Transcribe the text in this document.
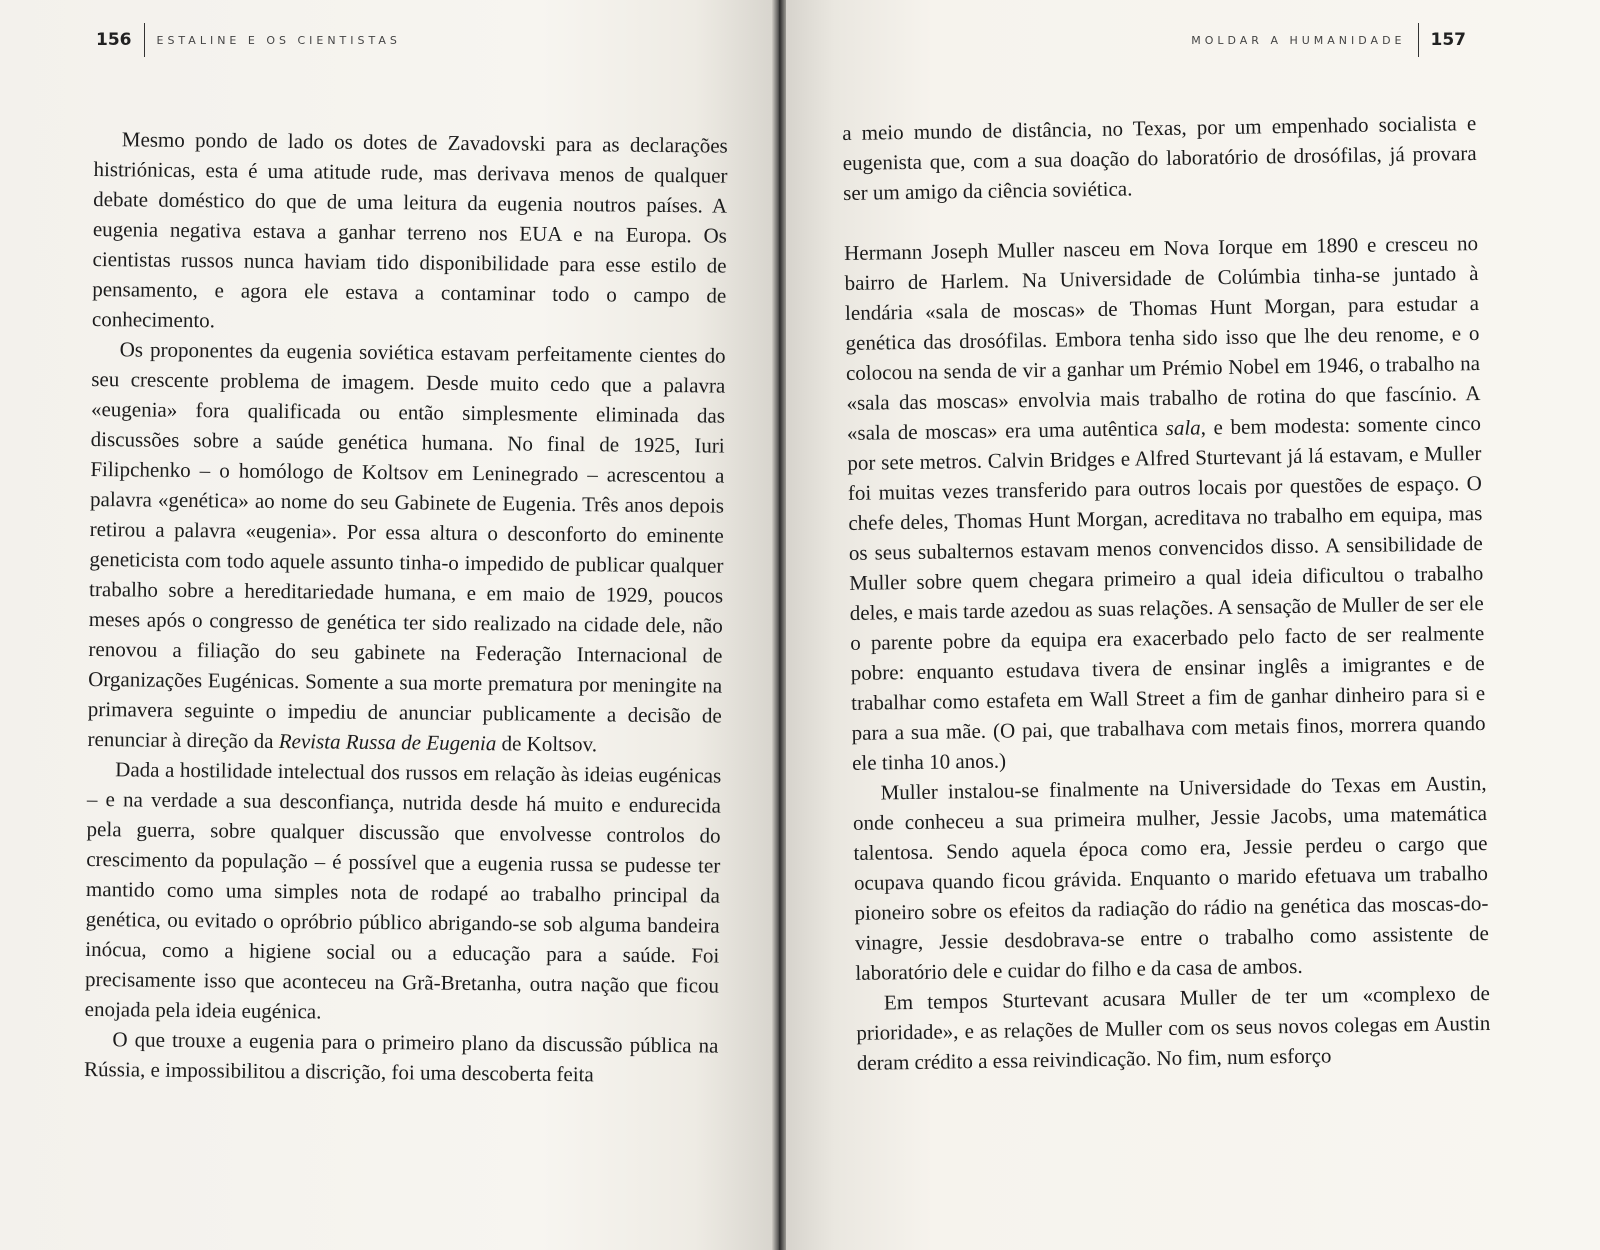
156 ESTALINE E OS CIENTISTAS

Mesmo pondo de lado os dotes de Zavadovski para as declarações histriónicas, esta é uma atitude rude, mas derivava menos de qualquer debate doméstico do que de uma leitura da eugenia noutros países. A eugenia negativa estava a ganhar terreno nos EUA e na Europa. Os cientistas russos nunca haviam tido disponibilidade para esse estilo de pensamento, e agora ele estava a contaminar todo o campo de conhecimento.

Os proponentes da eugenia soviética estavam perfeitamente cientes do seu crescente problema de imagem. Desde muito cedo que a palavra «eugenia» fora qualificada ou então simplesmente eliminada das discussões sobre a saúde genética humana. No final de 1925, Iuri Filipchenko – o homólogo de Koltsov em Leninegrado – acrescentou a palavra «genética» ao nome do seu Gabinete de Eugenia. Três anos depois retirou a palavra «eugenia». Por essa altura o desconforto do eminente geneticista com todo aquele assunto tinha-o impedido de publicar qualquer trabalho sobre a hereditariedade humana, e em maio de 1929, poucos meses após o congresso de genética ter sido realizado na cidade dele, não renovou a filiação do seu gabinete na Federação Internacional de Organizações Eugénicas. Somente a sua morte prematura por meningite na primavera seguinte o impediu de anunciar publicamente a decisão de renunciar à direção da Revista Russa de Eugenia de Koltsov.

Dada a hostilidade intelectual dos russos em relação às ideias eugénicas – e na verdade a sua desconfiança, nutrida desde há muito e endurecida pela guerra, sobre qualquer discussão que envolvesse controlos do crescimento da população – é possível que a eugenia russa se pudesse ter mantido como uma simples nota de rodapé ao trabalho principal da genética, ou evitado o opróbrio público abrigando-se sob alguma bandeira inócua, como a higiene social ou a educação para a saúde. Foi precisamente isso que aconteceu na Grã-Bretanha, outra nação que ficou enojada pela ideia eugénica.

O que trouxe a eugenia para o primeiro plano da discussão pública na Rússia, e impossibilitou a discrição, foi uma descoberta feita

MOLDAR A HUMANIDADE 157

a meio mundo de distância, no Texas, por um empenhado socialista e eugenista que, com a sua doação do laboratório de drosófilas, já provara ser um amigo da ciência soviética.

Hermann Joseph Muller nasceu em Nova Iorque em 1890 e cresceu no bairro de Harlem. Na Universidade de Colúmbia tinha-se juntado à lendária «sala de moscas» de Thomas Hunt Morgan, para estudar a genética das drosófilas. Embora tenha sido isso que lhe deu renome, e o colocou na senda de vir a ganhar um Prémio Nobel em 1946, o trabalho na «sala das moscas» envolvia mais trabalho de rotina do que fascínio. A «sala de moscas» era uma autêntica sala, e bem modesta: somente cinco por sete metros. Calvin Bridges e Alfred Sturtevant já lá estavam, e Muller foi muitas vezes transferido para outros locais por questões de espaço. O chefe deles, Thomas Hunt Morgan, acreditava no trabalho em equipa, mas os seus subalternos estavam menos convencidos disso. A sensibilidade de Muller sobre quem chegara primeiro a qual ideia dificultou o trabalho deles, e mais tarde azedou as suas relações. A sensação de Muller de ser ele o parente pobre da equipa era exacerbado pelo facto de ser realmente pobre: enquanto estudava tivera de ensinar inglês a imigrantes e de trabalhar como estafeta em Wall Street a fim de ganhar dinheiro para si e para a sua mãe. (O pai, que trabalhava com metais finos, morrera quando ele tinha 10 anos.)

Muller instalou-se finalmente na Universidade do Texas em Austin, onde conheceu a sua primeira mulher, Jessie Jacobs, uma matemática talentosa. Sendo aquela época como era, Jessie perdeu o cargo que ocupava quando ficou grávida. Enquanto o marido efetuava um trabalho pioneiro sobre os efeitos da radiação do rádio na genética das moscas-do-vinagre, Jessie desdobrava-se entre o trabalho como assistente de laboratório dele e cuidar do filho e da casa de ambos.

Em tempos Sturtevant acusara Muller de ter um «complexo de prioridade», e as relações de Muller com os seus novos colegas em Austin deram crédito a essa reivindicação. No fim, num esforço
